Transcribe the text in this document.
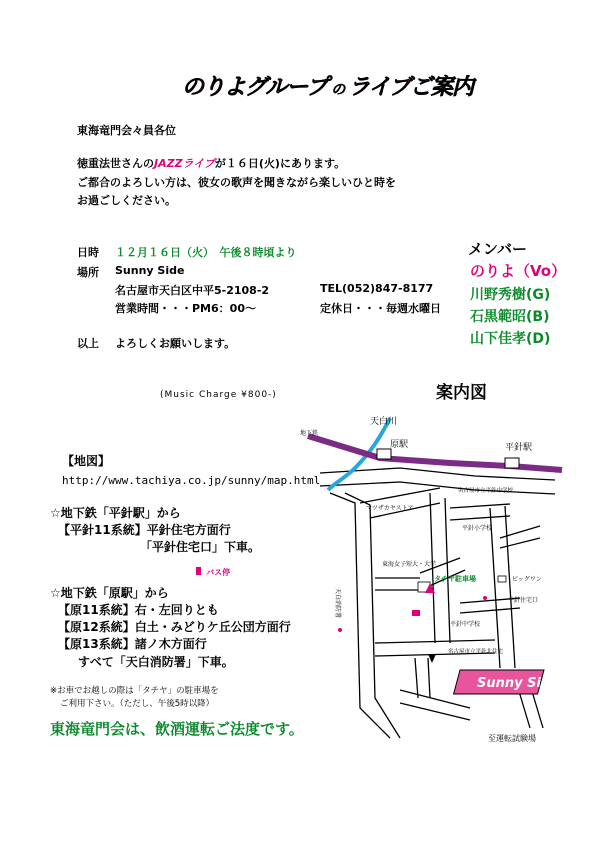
のりよグループ の ライブご案内
東海竜門会々員各位
徳重法世さんのJAZZライブが１６日(火)にあります。
ご都合のよろしい方は、彼女の歌声を聞きながら楽しいひと時を
お過ごしください。
日時 １２月１６日（火）　午後８時頃より
場所 Sunny Side
名古屋市天白区中平5-2108-2	TEL(052)847-8177
営業時間・・・PM6：00〜	定休日・・・毎週水曜日
以上 よろしくお願いします。
(Music Charge ¥800-)
メンバー
のりよ（Vo）
川野秀樹(G)
石黒範昭(B)
山下佳孝(D)
【地図】
http://www.tachiya.co.jp/sunny/map.html
☆地下鉄「平針駅」から
【平針11系統】平針住宅方面行
「平針住宅口」下車。
バス停
☆地下鉄「原駅」から
【原11系統】右・左回りとも
【原12系統】白土・みどりケ丘公団方面行
【原13系統】諸ノ木方面行
すべて「天白消防署」下車。
※お車でお越しの際は「タチヤ」の駐車場を
ご利用下さい。（ただし、午後5時以降）
東海竜門会は、飲酒運転ご法度です。
案内図
Sunny Side
天白川
地下鉄
原駅	平針駅
名古屋市立平針中学校
マツザカヤストア
平針小学校
ビッグワン
東海女子短大・大学
タチヤ駐車場
平針住宅口
平針中学校
名古屋市立平針北住宅
至運転試験場
天白消防署
